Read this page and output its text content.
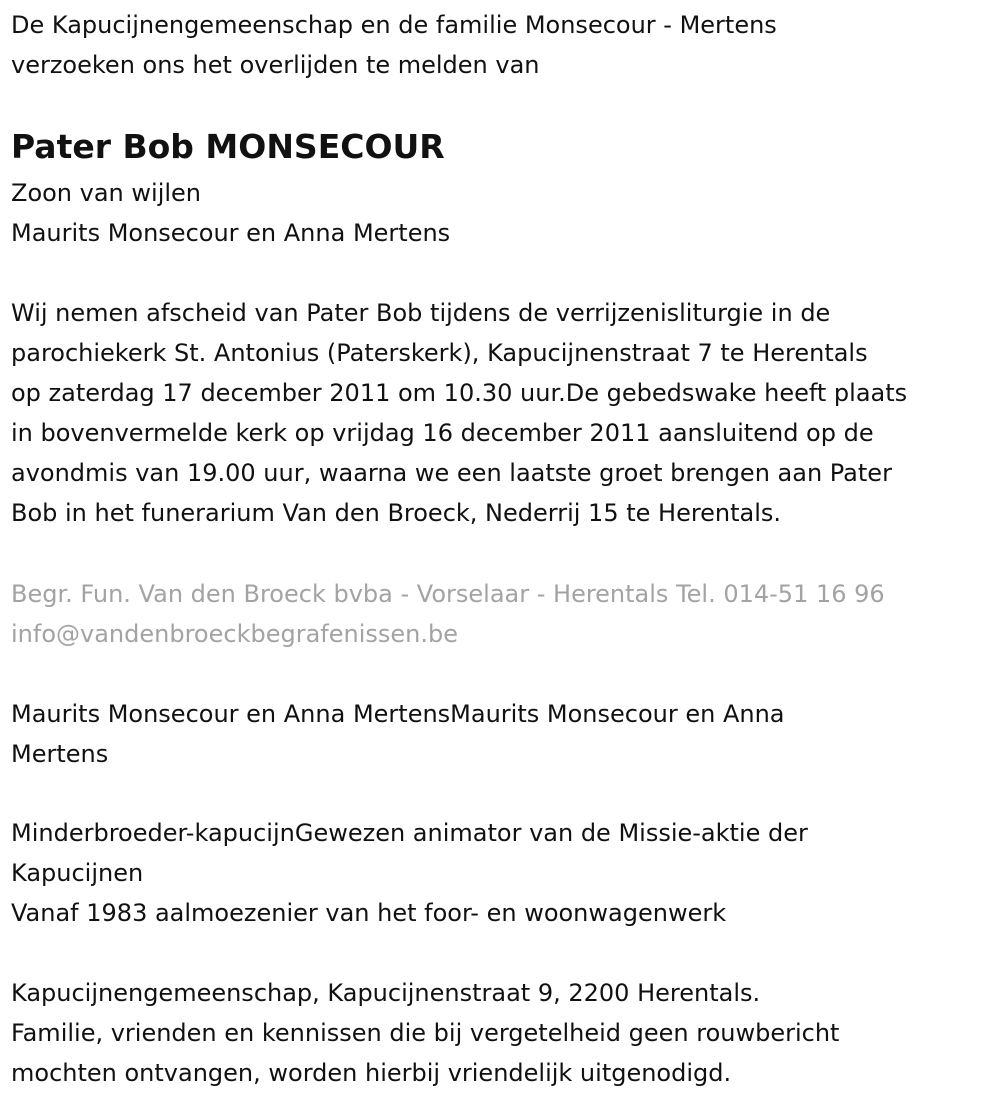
De Kapucijnengemeenschap en de familie Monsecour - Mertens
verzoeken ons het overlijden te melden van
Pater Bob MONSECOUR
Zoon van wijlen
Maurits Monsecour en Anna Mertens
Wij nemen afscheid van Pater Bob tijdens de verrijzenisliturgie in de
parochiekerk St. Antonius (Paterskerk), Kapucijnenstraat 7 te Herentals
op zaterdag 17 december 2011 om 10.30 uur.De gebedswake heeft plaats
in bovenvermelde kerk op vrijdag 16 december 2011 aansluitend op de
avondmis van 19.00 uur, waarna we een laatste groet brengen aan Pater
Bob in het funerarium Van den Broeck, Nederrij 15 te Herentals.
Begr. Fun. Van den Broeck bvba - Vorselaar - Herentals Tel. 014-51 16 96
info@vandenbroeckbegrafenissen.be
Maurits Monsecour en Anna MertensMaurits Monsecour en Anna
Mertens
Minderbroeder-kapucijnGewezen animator van de Missie-aktie der
Kapucijnen
Vanaf 1983 aalmoezenier van het foor- en woonwagenwerk
Kapucijnengemeenschap, Kapucijnenstraat 9, 2200 Herentals.
Familie, vrienden en kennissen die bij vergetelheid geen rouwbericht
mochten ontvangen, worden hierbij vriendelijk uitgenodigd.
